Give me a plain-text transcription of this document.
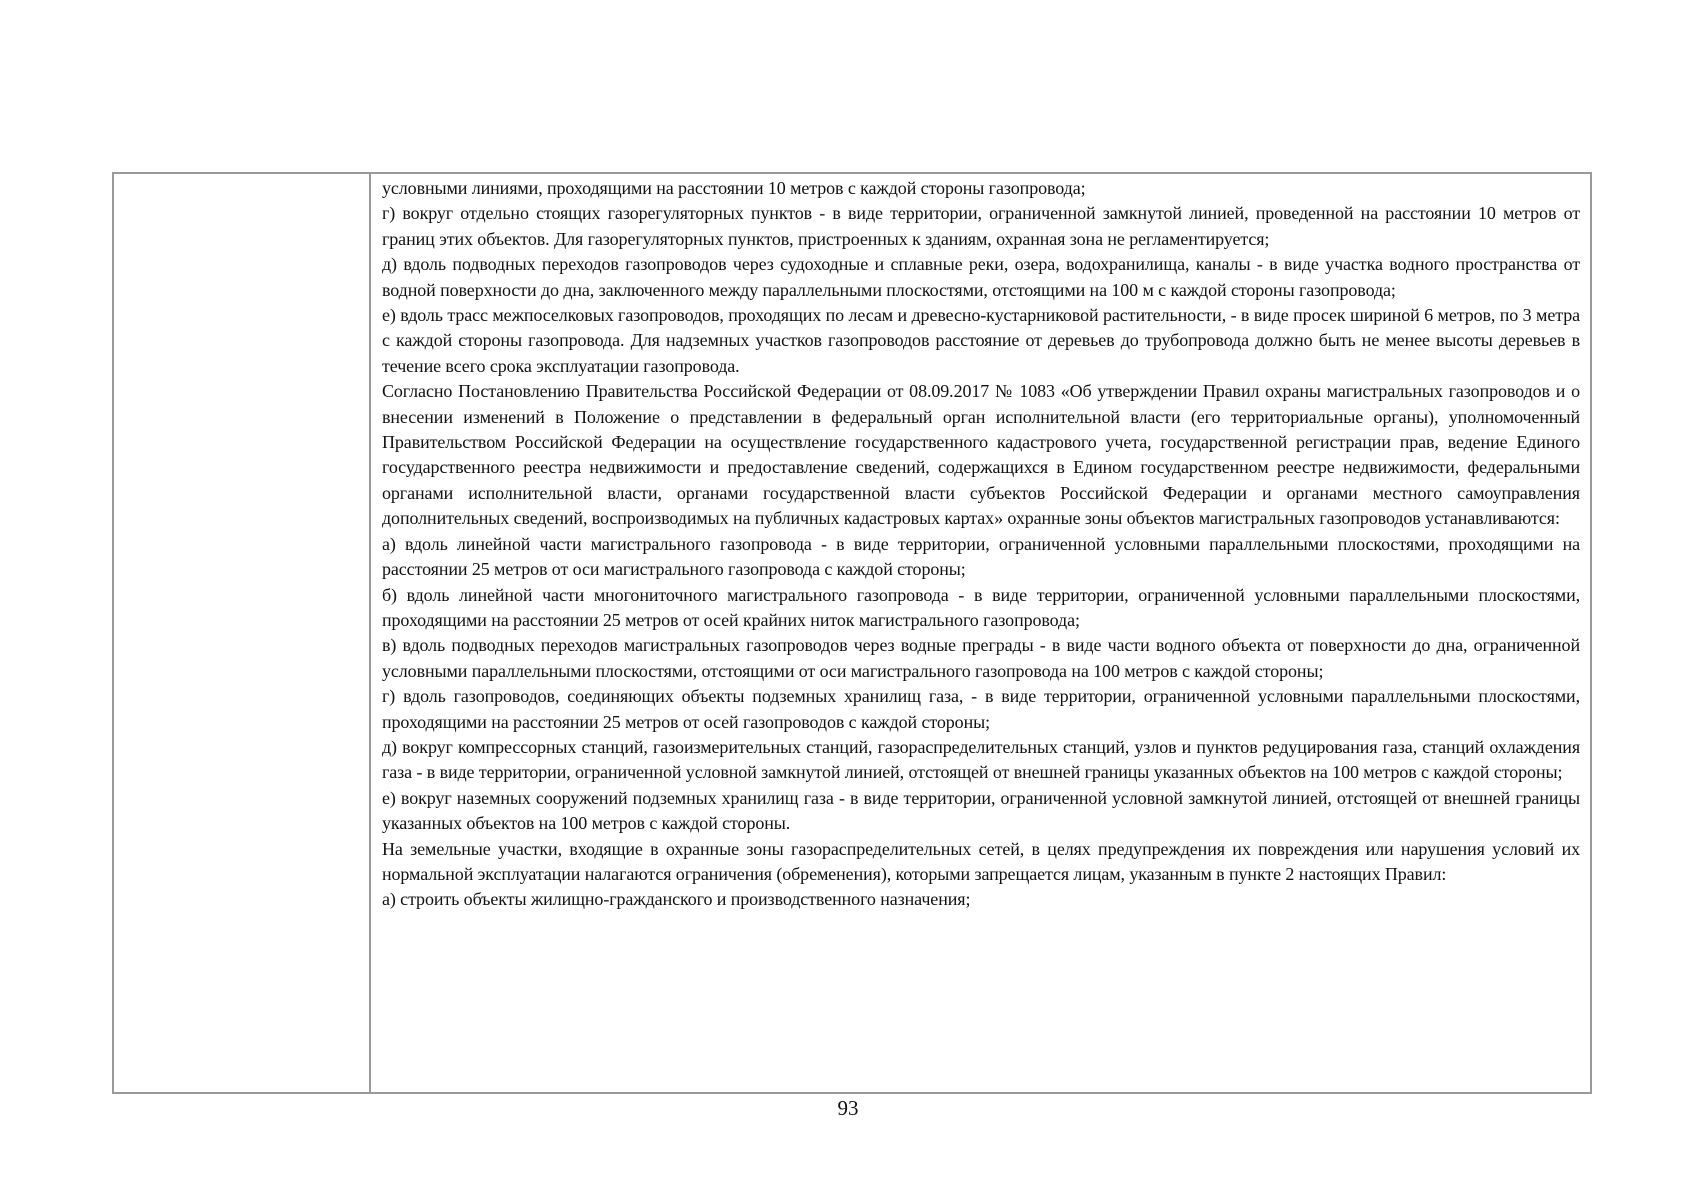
условными линиями, проходящими на расстоянии 10 метров с каждой стороны газопровода;

г) вокруг отдельно стоящих газорегуляторных пунктов - в виде территории, ограниченной замкнутой линией, проведенной на расстоянии 10 метров от границ этих объектов. Для газорегуляторных пунктов, пристроенных к зданиям, охранная зона не регламентируется;

д) вдоль подводных переходов газопроводов через судоходные и сплавные реки, озера, водохранилища, каналы - в виде участка водного пространства от водной поверхности до дна, заключенного между параллельными плоскостями, отстоящими на 100 м с каждой стороны газопровода;

е) вдоль трасс межпоселковых газопроводов, проходящих по лесам и древесно-кустарниковой растительности, - в виде просек шириной 6 метров, по 3 метра с каждой стороны газопровода. Для надземных участков газопроводов расстояние от деревьев до трубопровода должно быть не менее высоты деревьев в течение всего срока эксплуатации газопровода.

Согласно Постановлению Правительства Российской Федерации от 08.09.2017 № 1083 «Об утверждении Правил охраны магистральных газопроводов и о внесении изменений в Положение о представлении в федеральный орган исполнительной власти (его территориальные органы), уполномоченный Правительством Российской Федерации на осуществление государственного кадастрового учета, государственной регистрации прав, ведение Единого государственного реестра недвижимости и предоставление сведений, содержащихся в Едином государственном реестре недвижимости, федеральными органами исполнительной власти, органами государственной власти субъектов Российской Федерации и органами местного самоуправления дополнительных сведений, воспроизводимых на публичных кадастровых картах» охранные зоны объектов магистральных газопроводов устанавливаются:

а) вдоль линейной части магистрального газопровода - в виде территории, ограниченной условными параллельными плоскостями, проходящими на расстоянии 25 метров от оси магистрального газопровода с каждой стороны;

б) вдоль линейной части многониточного магистрального газопровода - в виде территории, ограниченной условными параллельными плоскостями, проходящими на расстоянии 25 метров от осей крайних ниток магистрального газопровода;

в) вдоль подводных переходов магистральных газопроводов через водные преграды - в виде части водного объекта от поверхности до дна, ограниченной условными параллельными плоскостями, отстоящими от оси магистрального газопровода на 100 метров с каждой стороны;

г) вдоль газопроводов, соединяющих объекты подземных хранилищ газа, - в виде территории, ограниченной условными параллельными плоскостями, проходящими на расстоянии 25 метров от осей газопроводов с каждой стороны;

д) вокруг компрессорных станций, газоизмерительных станций, газораспределительных станций, узлов и пунктов редуцирования газа, станций охлаждения газа - в виде территории, ограниченной условной замкнутой линией, отстоящей от внешней границы указанных объектов на 100 метров с каждой стороны;

е) вокруг наземных сооружений подземных хранилищ газа - в виде территории, ограниченной условной замкнутой линией, отстоящей от внешней границы указанных объектов на 100 метров с каждой стороны.

На земельные участки, входящие в охранные зоны газораспределительных сетей, в целях предупреждения их повреждения или нарушения условий их нормальной эксплуатации налагаются ограничения (обременения), которыми запрещается лицам, указанным в пункте 2 настоящих Правил:

а) строить объекты жилищно-гражданского и производственного назначения;

93
